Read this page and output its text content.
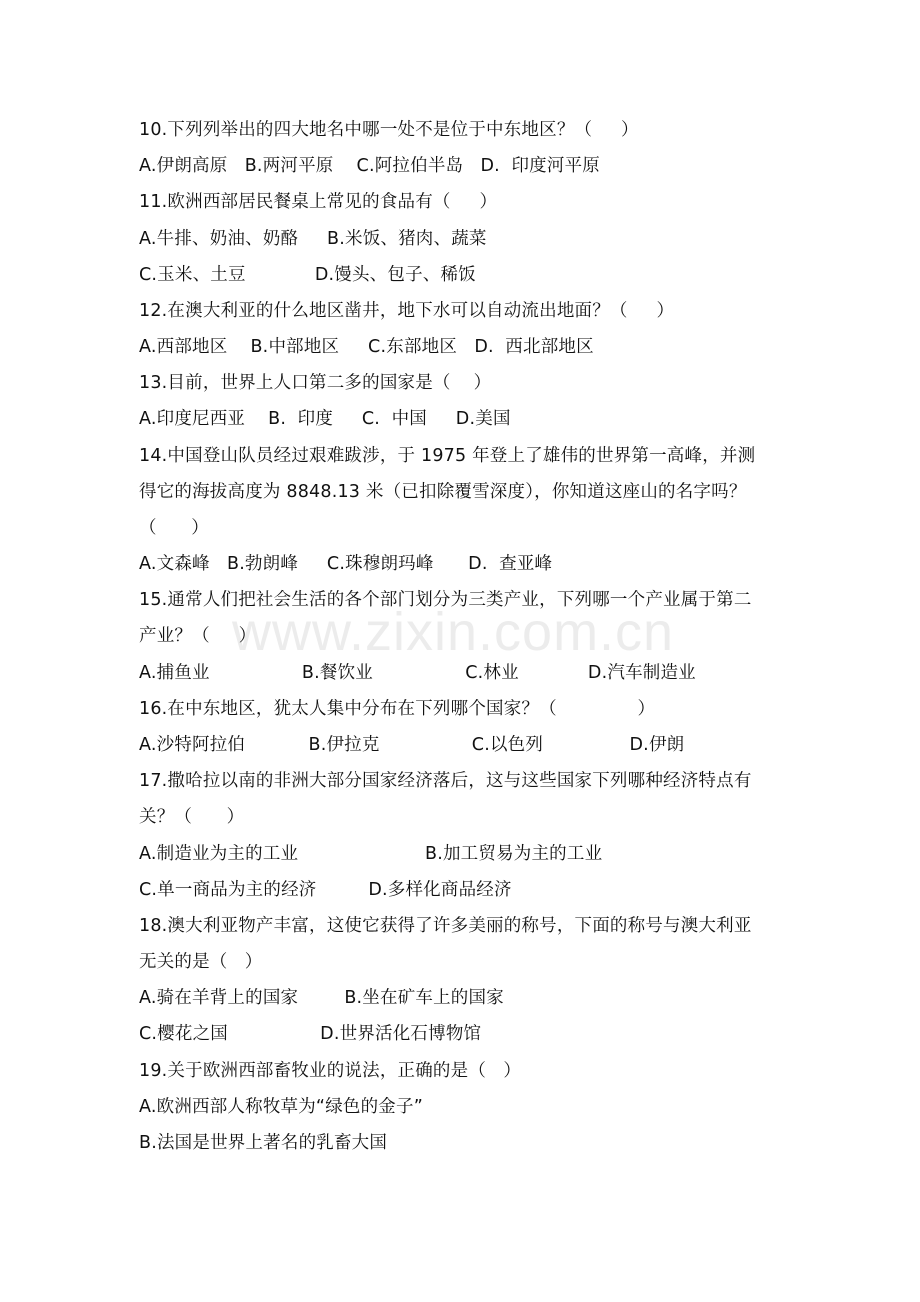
www.zixin.com.cn
10.下列列举出的四大地名中哪一处不是位于中东地区？（     ）
A.伊朗高原   B.两河平原    C.阿拉伯半岛   D.  印度河平原
11.欧洲西部居民餐桌上常见的食品有（     ）
A.牛排、奶油、奶酪     B.米饭、猪肉、蔬菜
C.玉米、土豆            D.馒头、包子、稀饭
12.在澳大利亚的什么地区凿井，地下水可以自动流出地面？（     ）
A.西部地区    B.中部地区     C.东部地区   D.  西北部地区
13.目前，世界上人口第二多的国家是（    ）
A.印度尼西亚    B.  印度     C.  中国     D.美国
14.中国登山队员经过艰难跋涉，于 1975 年登上了雄伟的世界第一高峰，并测
得它的海拔高度为 8848.13 米（已扣除覆雪深度），你知道这座山的名字吗？
（      ）
A.文森峰   B.勃朗峰     C.珠穆朗玛峰      D.  查亚峰
15.通常人们把社会生活的各个部门划分为三类产业，下列哪一个产业属于第二
产业？（     ）
A.捕鱼业                B.餐饮业                C.林业            D.汽车制造业
16.在中东地区，犹太人集中分布在下列哪个国家？（              ）
A.沙特阿拉伯           B.伊拉克                C.以色列               D.伊朗
17.撒哈拉以南的非洲大部分国家经济落后，这与这些国家下列哪种经济特点有
关？（      ）
A.制造业为主的工业                      B.加工贸易为主的工业
C.单一商品为主的经济         D.多样化商品经济
18.澳大利亚物产丰富，这使它获得了许多美丽的称号，下面的称号与澳大利亚
无关的是（   ）
A.骑在羊背上的国家        B.坐在矿车上的国家
C.樱花之国                D.世界活化石博物馆
19.关于欧洲西部畜牧业的说法，正确的是（   ）
A.欧洲西部人称牧草为“绿色的金子”
B.法国是世界上著名的乳畜大国
